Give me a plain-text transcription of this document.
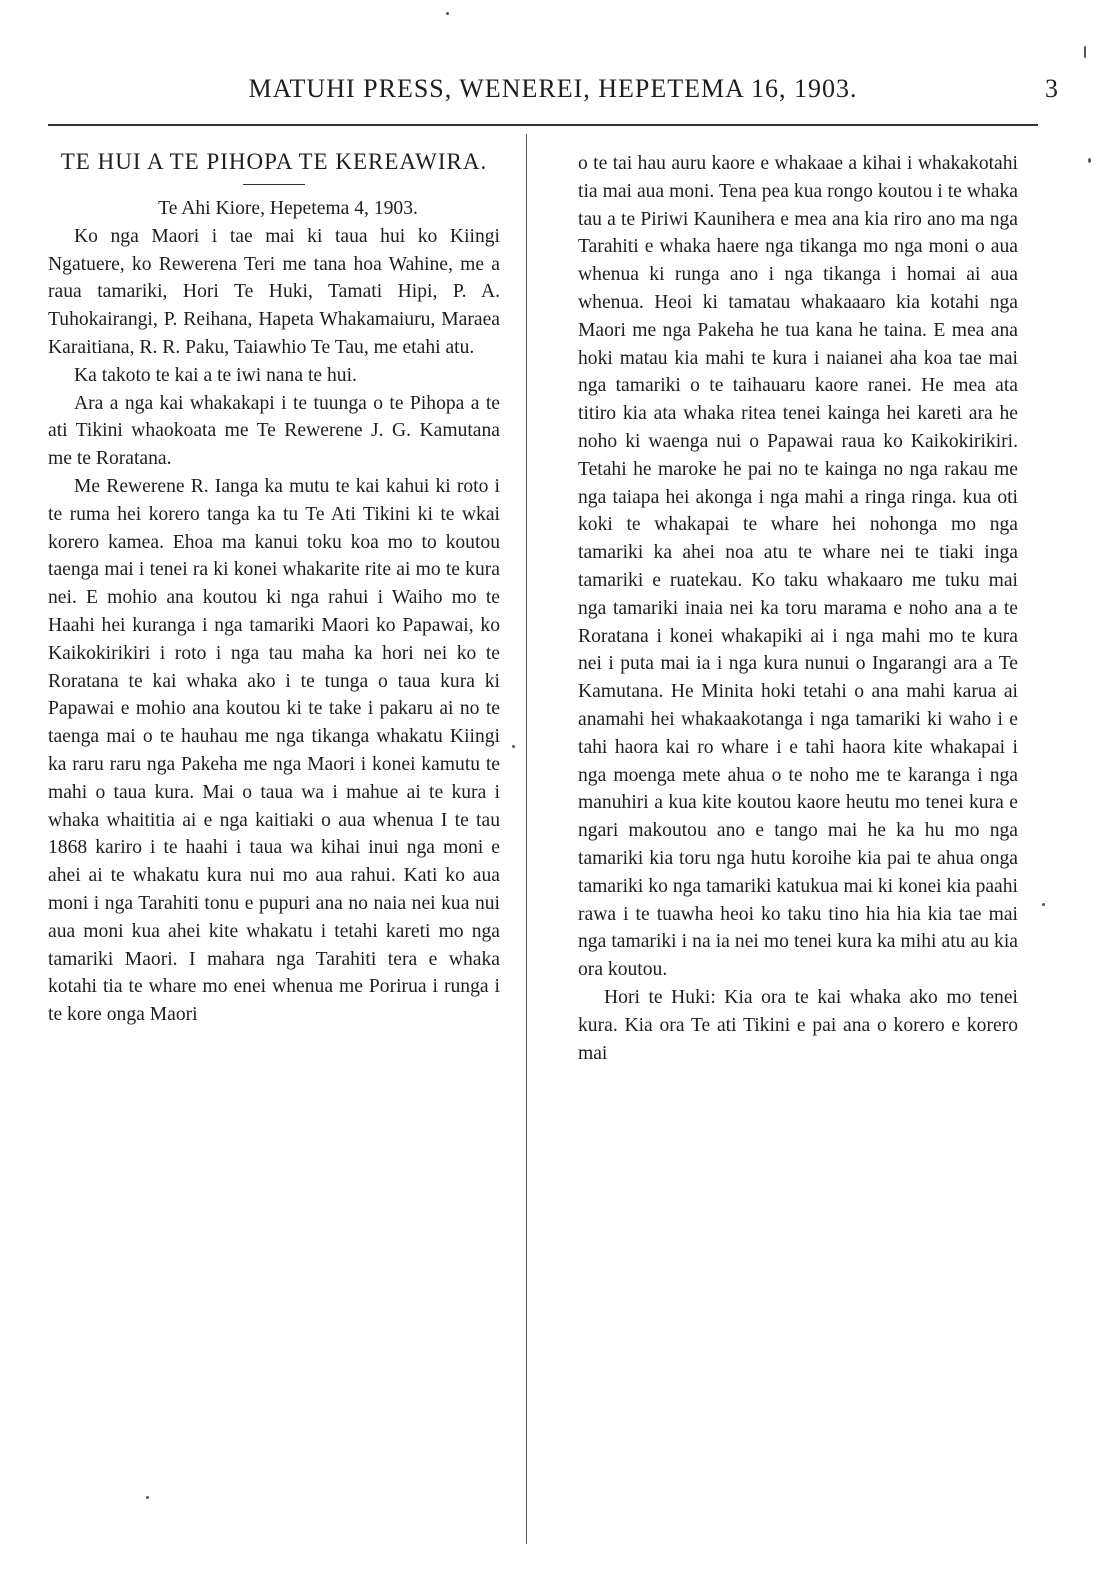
MATUHI PRESS, WENEREI, HEPETEMA 16, 1903.	3
TE HUI A TE PIHOPA TE KEREAWIRA.

Te Ahi Kiore, Hepetema 4, 1903.

Ko nga Maori i tae mai ki taua hui ko Kiingi Ngatuere, ko Rewerena Teri me tana hoa Wahine, me a raua tamariki, Hori Te Huki, Tamati Hipi, P. A. Tuhokairangi, P. Reihana, Hapeta Whakamaiuru, Maraea Karaitiana, R. R. Paku, Taiawhio Te Tau, me etahi atu.

Ka takoto te kai a te iwi nana te hui.

Ara a nga kai whakakapi i te tuunga o te Pihopa a te ati Tikini whaokoata me Te Rewerene J. G. Kamutana me te Roratana.

Me Rewerene R. Ianga ka mutu te kai kahui ki roto i te ruma hei korero tanga ka tu Te Ati Tikini ki te wkai korero kamea. Ehoa ma kanui toku koa mo to koutou taenga mai i tenei ra ki konei whakarite rite ai mo te kura nei. E mohio ana koutou ki nga rahui i Waiho mo te Haahi hei kuranga i nga tamariki Maori ko Papawai, ko Kaikokirikiri i roto i nga tau maha ka hori nei ko te Roratana te kai whaka ako i te tunga o taua kura ki Papawai e mohio ana koutou ki te take i pakaru ai no te taenga mai o te hauhau me nga tikanga whakatu Kiingi ka raru raru nga Pakeha me nga Maori i konei kamutu te mahi o taua kura. Mai o taua wa i mahue ai te kura i whaka whaititia ai e nga kaitiaki o aua whenua I te tau 1868 kariro i te haahi i taua wa kihai inui nga moni e ahei ai te whakatu kura nui mo aua rahui. Kati ko aua moni i nga Tarahiti tonu e pupuri ana no naia nei kua nui aua moni kua ahei kite whakatu i tetahi kareti mo nga tamariki Maori. I mahara nga Tarahiti tera e whaka kotahi tia te whare mo enei whenua me Porirua i runga i te kore onga Maori

o te tai hau auru kaore e whakaae a kihai i whakakotahi tia mai aua moni. Tena pea kua rongo koutou i te whaka tau a te Piriwi Kaunihera e mea ana kia riro ano ma nga Tarahiti e whaka haere nga tikanga mo nga moni o aua whenua ki runga ano i nga tikanga i homai ai aua whenua. Heoi ki tamatau whakaaaro kia kotahi nga Maori me nga Pakeha he tua kana he taina. E mea ana hoki matau kia mahi te kura i naianei aha koa tae mai nga tamariki o te taihauaru kaore ranei. He mea ata titiro kia ata whaka ritea tenei kainga hei kareti ara he noho ki waenga nui o Papawai raua ko Kaikokirikiri. Tetahi he maroke he pai no te kainga no nga rakau me nga taiapa hei akonga i nga mahi a ringa ringa. kua oti koki te whakapai te whare hei nohonga mo nga tamariki ka ahei noa atu te whare nei te tiaki inga tamariki e ruatekau. Ko taku whakaaro me tuku mai nga tamariki inaia nei ka toru marama e noho ana a te Roratana i konei whakapiki ai i nga mahi mo te kura nei i puta mai ia i nga kura nunui o Ingarangi ara a Te Kamutana. He Minita hoki tetahi o ana mahi karua ai anamahi hei whakaakotanga i nga tamariki ki waho i e tahi haora kai ro whare i e tahi haora kite whakapai i nga moenga mete ahua o te noho me te karanga i nga manuhiri a kua kite koutou kaore heutu mo tenei kura e ngari makoutou ano e tango mai he ka hu mo nga tamariki kia toru nga hutu koroihe kia pai te ahua onga tamariki ko nga tamariki katukua mai ki konei kia paahi rawa i te tuawha heoi ko taku tino hia hia kia tae mai nga tamariki i na ia nei mo tenei kura ka mihi atu au kia ora koutou.

Hori te Huki: Kia ora te kai whaka ako mo tenei kura. Kia ora Te ati Tikini e pai ana o korero e korero mai
